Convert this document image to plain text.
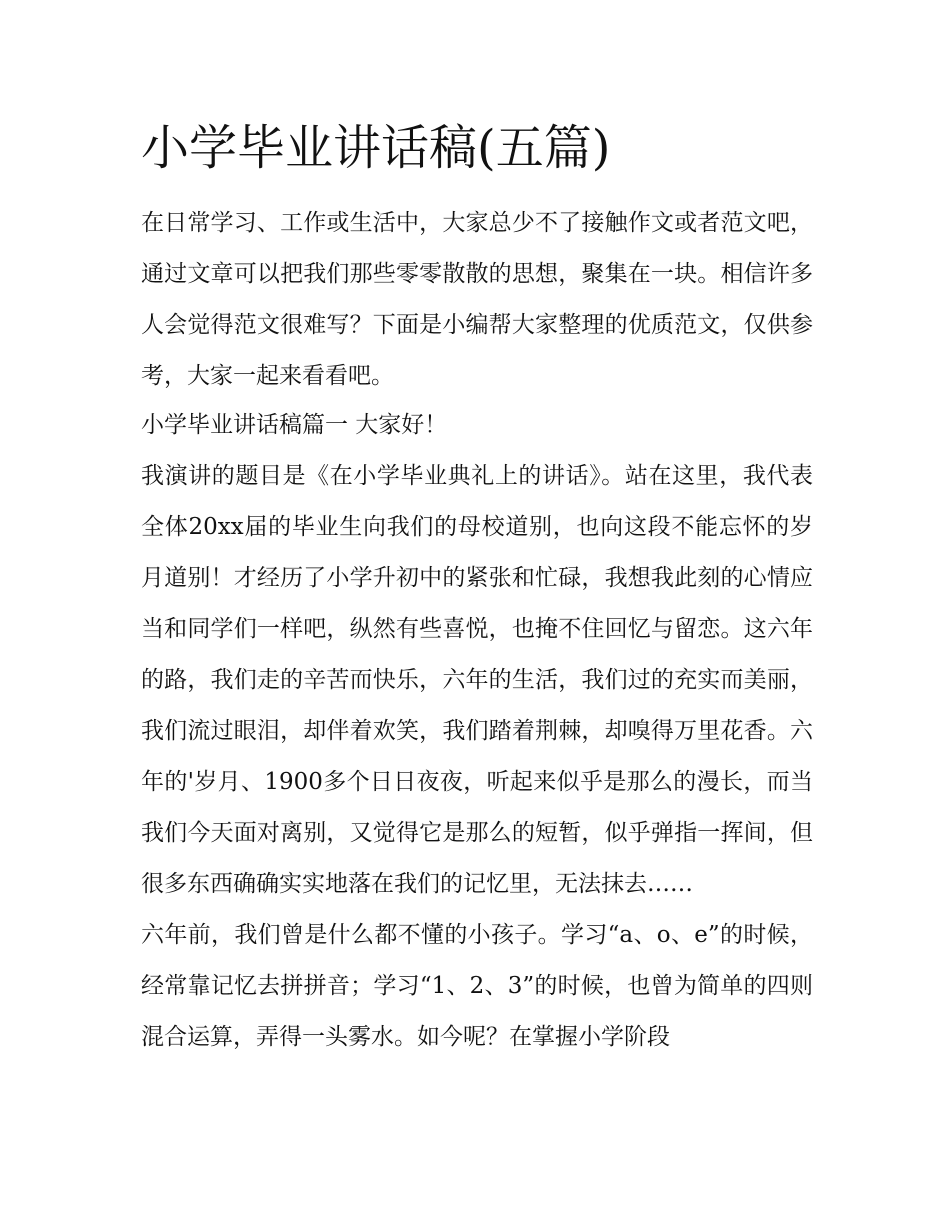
小学毕业讲话稿(五篇)

在日常学习、工作或生活中，大家总少不了接触作文或者范文吧，通过文章可以把我们那些零零散散的思想，聚集在一块。相信许多人会觉得范文很难写？下面是小编帮大家整理的优质范文，仅供参考，大家一起来看看吧。

小学毕业讲话稿篇一 大家好！

我演讲的题目是《在小学毕业典礼上的讲话》。站在这里，我代表全体20xx届的毕业生向我们的母校道别，也向这段不能忘怀的岁月道别！才经历了小学升初中的紧张和忙碌，我想我此刻的心情应当和同学们一样吧，纵然有些喜悦，也掩不住回忆与留恋。这六年的路，我们走的辛苦而快乐，六年的生活，我们过的充实而美丽，我们流过眼泪，却伴着欢笑，我们踏着荆棘，却嗅得万里花香。六年的'岁月、1900多个日日夜夜，听起来似乎是那么的漫长，而当我们今天面对离别，又觉得它是那么的短暂，似乎弹指一挥间，但很多东西确确实实地落在我们的记忆里，无法抹去……

六年前，我们曾是什么都不懂的小孩子。学习“a、o、e”的时候，经常靠记忆去拼拼音；学习“1、2、3”的时候，也曾为简单的四则混合运算，弄得一头雾水。如今呢？在掌握小学阶段
